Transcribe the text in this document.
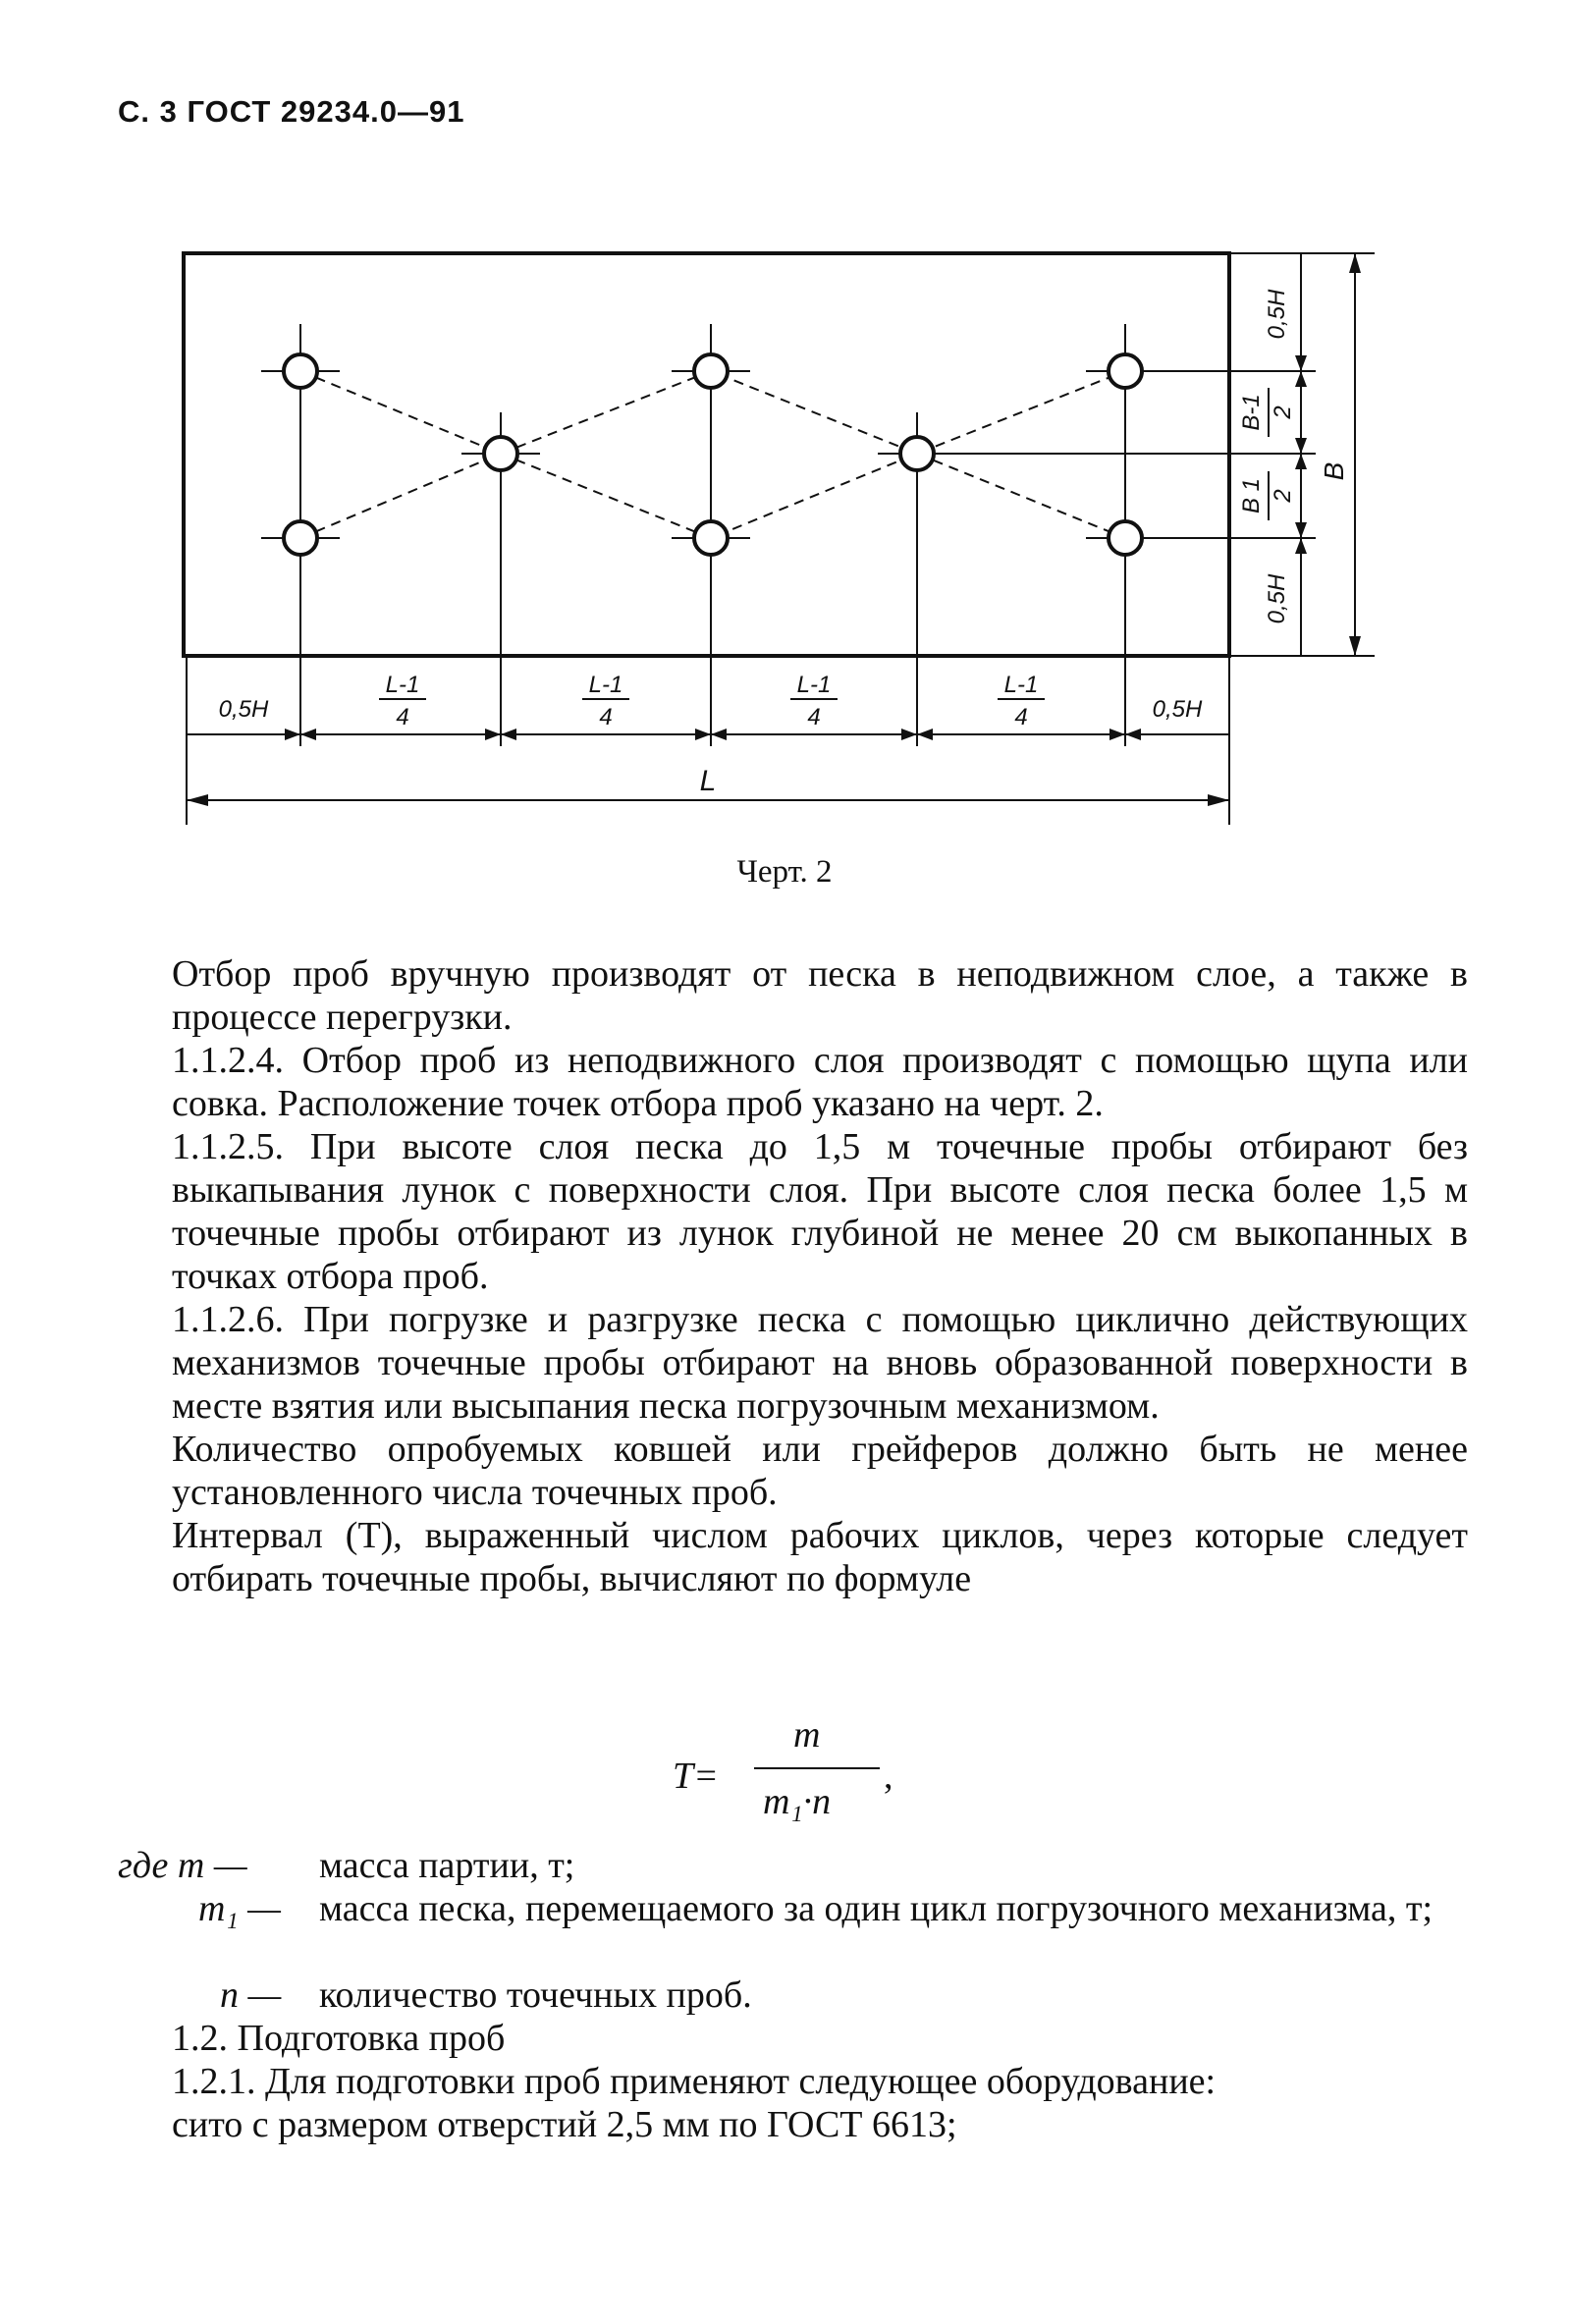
С. 3 ГОСТ 29234.0—91
0,5H
L-1
4
L-1
4
L-1
4
L-1
4	0,5H
L
0,5H
B-1 2
B 1 2
0,5H
B
Черт. 2

Отбор проб вручную производят от песка в неподвижном слое, а также в процессе перегрузки.

1.1.2.4. Отбор проб из неподвижного слоя производят с помощью щупа или совка. Расположение точек отбора проб указано на черт. 2.

1.1.2.5. При высоте слоя песка до 1,5 м точечные пробы отбирают без выкапывания лунок с поверхности слоя. При высоте слоя песка более 1,5 м точечные пробы отбирают из лунок глубиной не менее 20 см выкопанных в точках отбора проб.

1.1.2.6. При погрузке и разгрузке песка с помощью циклично действующих механизмов точечные пробы отбирают на вновь образованной поверхности в месте взятия или высыпания песка погрузочным механизмом.

Количество опробуемых ковшей или грейферов должно быть не менее установленного числа точечных проб.

Интервал (T), выраженный числом рабочих циклов, через которые следует отбирать точечные пробы, вычисляют по формуле

T=
m
m₁·n
,
где m — масса партии, т;
m₁ — масса песка, перемещаемого за один цикл погрузочного механизма, т;
n — количество точечных проб.

1.2. Подготовка проб

1.2.1. Для подготовки проб применяют следующее оборудование:

сито с размером отверстий 2,5 мм по ГОСТ 6613;
